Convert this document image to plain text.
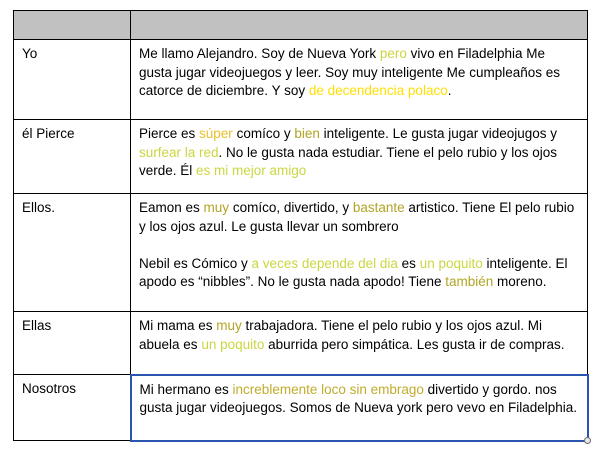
Yo	Me llamo Alejandro. Soy de Nueva York pero vivo en Filadelphia Me gusta jugar videojuegos y leer. Soy muy inteligente Me cumpleaños es catorce de diciembre. Y soy de decendencia polaco.

él Pierce	Pierce es súper comíco y bien inteligente. Le gusta jugar videojugos y surfear la red. No le gusta nada estudiar. Tiene el pelo rubio y los ojos verde. Él es mi mejor amigo

Ellos.	Eamon es muy comíco, divertido, y bastante artistico. Tiene El pelo rubio y los ojos azul. Le gusta llevar un sombrero

Nebil es Cómico y a veces depende del dia es un poquito inteligente. El apodo es “nibbles”. No le gusta nada apodo! Tiene también moreno.

Ellas	Mi mama es muy trabajadora. Tiene el pelo rubio y los ojos azul. Mi abuela es un poquito aburrida pero simpática. Les gusta ir de compras.

Nosotros	Mi hermano es increblemente loco sin embrago divertido y gordo. nos gusta jugar videojuegos. Somos de Nueva york pero vevo en Filadelphia.
